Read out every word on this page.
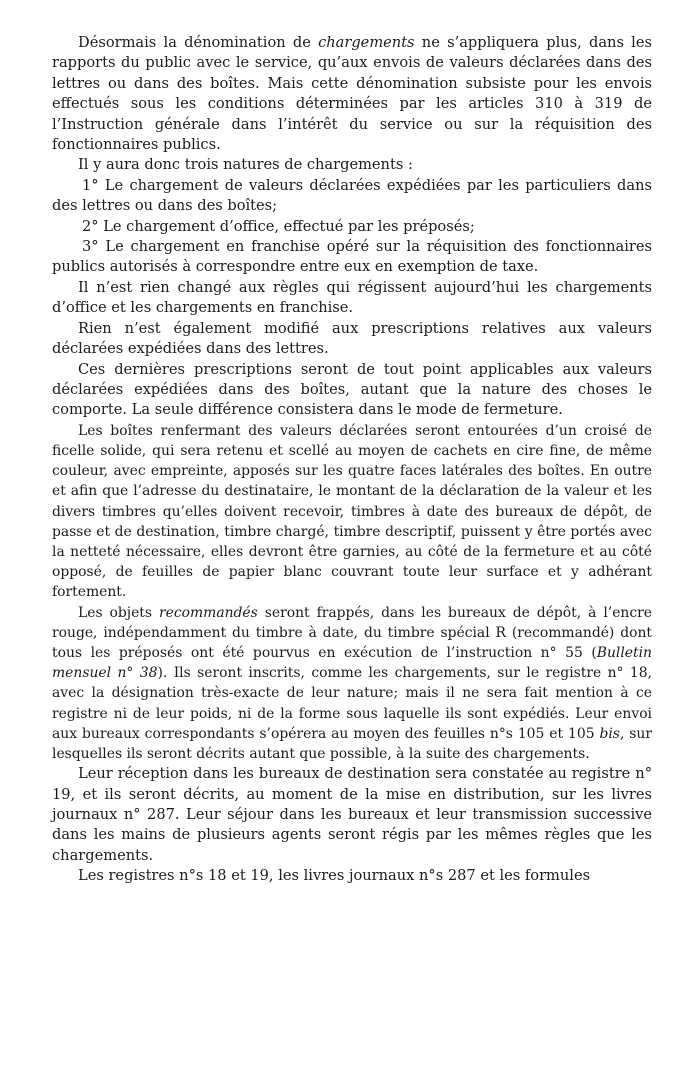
Désormais la dénomination de chargements ne s’appliquera plus, dans les rapports du public avec le service, qu’aux envois de valeurs déclarées dans des lettres ou dans des boîtes. Mais cette dénomination subsiste pour les envois effectués sous les conditions déterminées par les articles 310 à 319 de l’Instruction générale dans l’intérêt du service ou sur la réquisition des fonctionnaires publics.

Il y aura donc trois natures de chargements :

1° Le chargement de valeurs déclarées expédiées par les particuliers dans des lettres ou dans des boîtes;

2° Le chargement d’office, effectué par les préposés;

3° Le chargement en franchise opéré sur la réquisition des fonctionnaires publics autorisés à correspondre entre eux en exemption de taxe.

Il n’est rien changé aux règles qui régissent aujourd’hui les chargements d’office et les chargements en franchise.

Rien n’est également modifié aux prescriptions relatives aux valeurs déclarées expédiées dans des lettres.

Ces dernières prescriptions seront de tout point applicables aux valeurs déclarées expédiées dans des boîtes, autant que la nature des choses le comporte. La seule différence consistera dans le mode de fermeture.

Les boîtes renfermant des valeurs déclarées seront entourées d’un croisé de ficelle solide, qui sera retenu et scellé au moyen de cachets en cire fine, de même couleur, avec empreinte, apposés sur les quatre faces latérales des boîtes. En outre et afin que l’adresse du destinataire, le montant de la déclaration de la valeur et les divers timbres qu’elles doivent recevoir, timbres à date des bureaux de dépôt, de passe et de destination, timbre chargé, timbre descriptif, puissent y être portés avec la netteté nécessaire, elles devront être garnies, au côté de la fermeture et au côté opposé, de feuilles de papier blanc couvrant toute leur surface et y adhérant fortement.

Les objets recommandés seront frappés, dans les bureaux de dépôt, à l’encre rouge, indépendamment du timbre à date, du timbre spécial R (recommandé) dont tous les préposés ont été pourvus en exécution de l’instruction n° 55 (Bulletin mensuel n° 38). Ils seront inscrits, comme les chargements, sur le registre n° 18, avec la désignation très-exacte de leur nature; mais il ne sera fait mention à ce registre ni de leur poids, ni de la forme sous laquelle ils sont expédiés. Leur envoi aux bureaux correspondants s’opérera au moyen des feuilles n°s 105 et 105 bis, sur lesquelles ils seront décrits autant que possible, à la suite des chargements.

Leur réception dans les bureaux de destination sera constatée au registre n° 19, et ils seront décrits, au moment de la mise en distribution, sur les livres journaux n° 287. Leur séjour dans les bureaux et leur transmission successive dans les mains de plusieurs agents seront régis par les mêmes règles que les chargements.

Les registres n°s 18 et 19, les livres journaux n°s 287 et les formules
